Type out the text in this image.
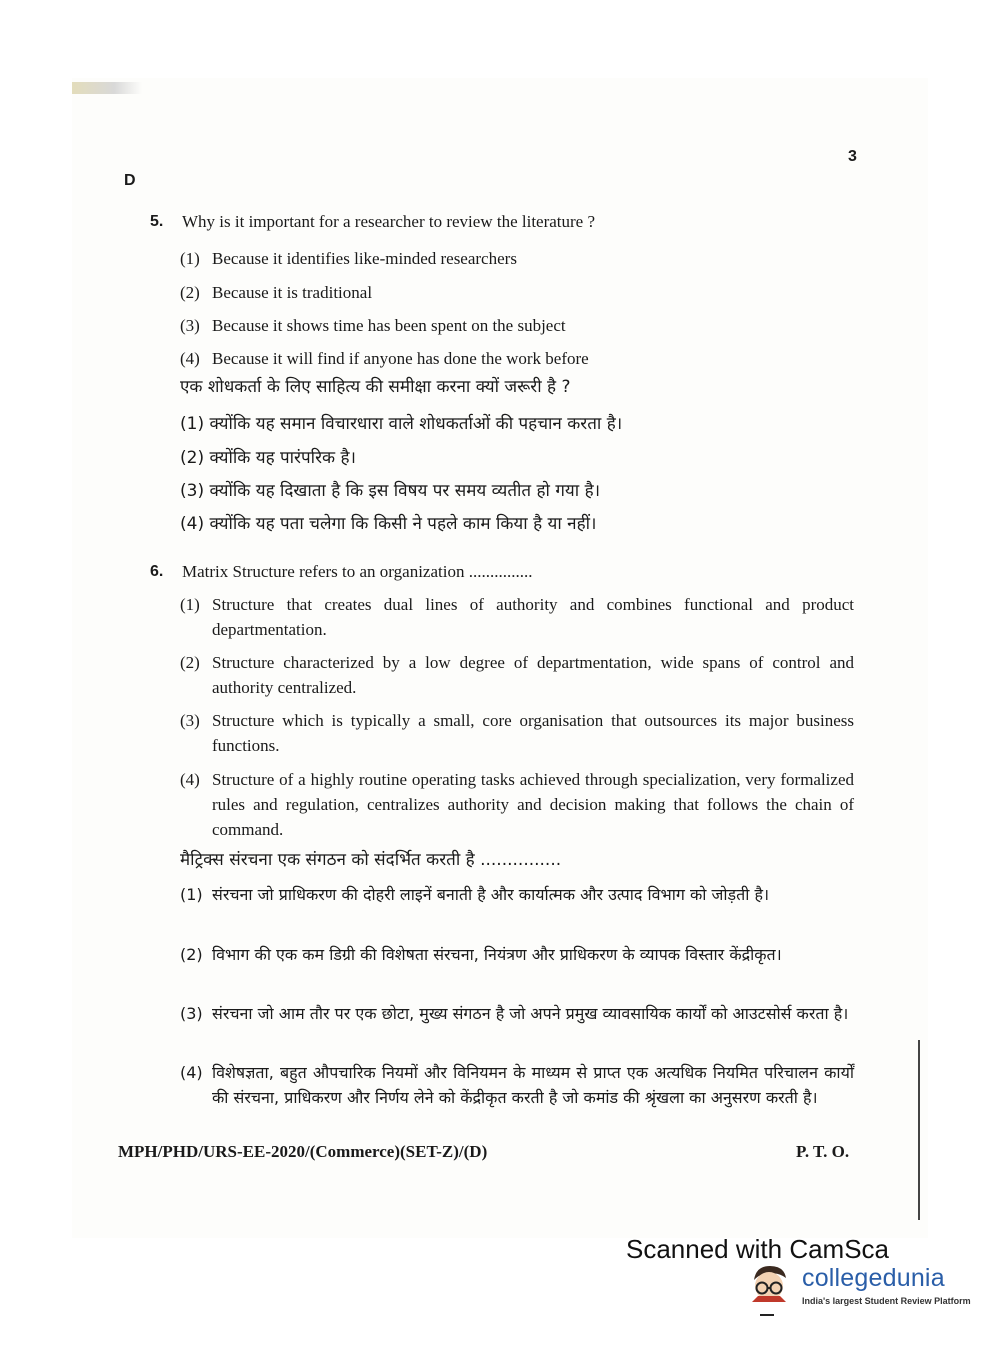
3
D
5. Why is it important for a researcher to review the literature ?
(1) Because it identifies like-minded researchers
(2) Because it is traditional
(3) Because it shows time has been spent on the subject
(4) Because it will find if anyone has done the work before
एक शोधकर्ता के लिए साहित्य की समीक्षा करना क्यों जरूरी है ?
(1) क्योंकि यह समान विचारधारा वाले शोधकर्ताओं की पहचान करता है।
(2) क्योंकि यह पारंपरिक है।
(3) क्योंकि यह दिखाता है कि इस विषय पर समय व्यतीत हो गया है।
(4) क्योंकि यह पता चलेगा कि किसी ने पहले काम किया है या नहीं।
6. Matrix Structure refers to an organization ...............
(1) Structure that creates dual lines of authority and combines functional and product departmentation.
(2) Structure characterized by a low degree of departmentation, wide spans of control and authority centralized.
(3) Structure which is typically a small, core organisation that outsources its major business functions.
(4) Structure of a highly routine operating tasks achieved through specialization, very formalized rules and regulation, centralizes authority and decision making that follows the chain of command.
मैट्रिक्स संरचना एक संगठन को संदर्भित करती है ...............
(1) संरचना जो प्राधिकरण की दोहरी लाइनें बनाती है और कार्यात्मक और उत्पाद विभाग को जोड़ती है।
(2) विभाग की एक कम डिग्री की विशेषता संरचना, नियंत्रण और प्राधिकरण के व्यापक विस्तार केंद्रीकृत।
(3) संरचना जो आम तौर पर एक छोटा, मुख्य संगठन है जो अपने प्रमुख व्यावसायिक कार्यों को आउटसोर्स करता है।
(4) विशेषज्ञता, बहुत औपचारिक नियमों और विनियमन के माध्यम से प्राप्त एक अत्यधिक नियमित परिचालन कार्यों की संरचना, प्राधिकरण और निर्णय लेने को केंद्रीकृत करती है जो कमांड की श्रृंखला का अनुसरण करती है।
MPH/PHD/URS-EE-2020/(Commerce)(SET-Z)/(D)	P. T. O.
Scanned with CamSca
collegedunia
India's largest Student Review Platform
